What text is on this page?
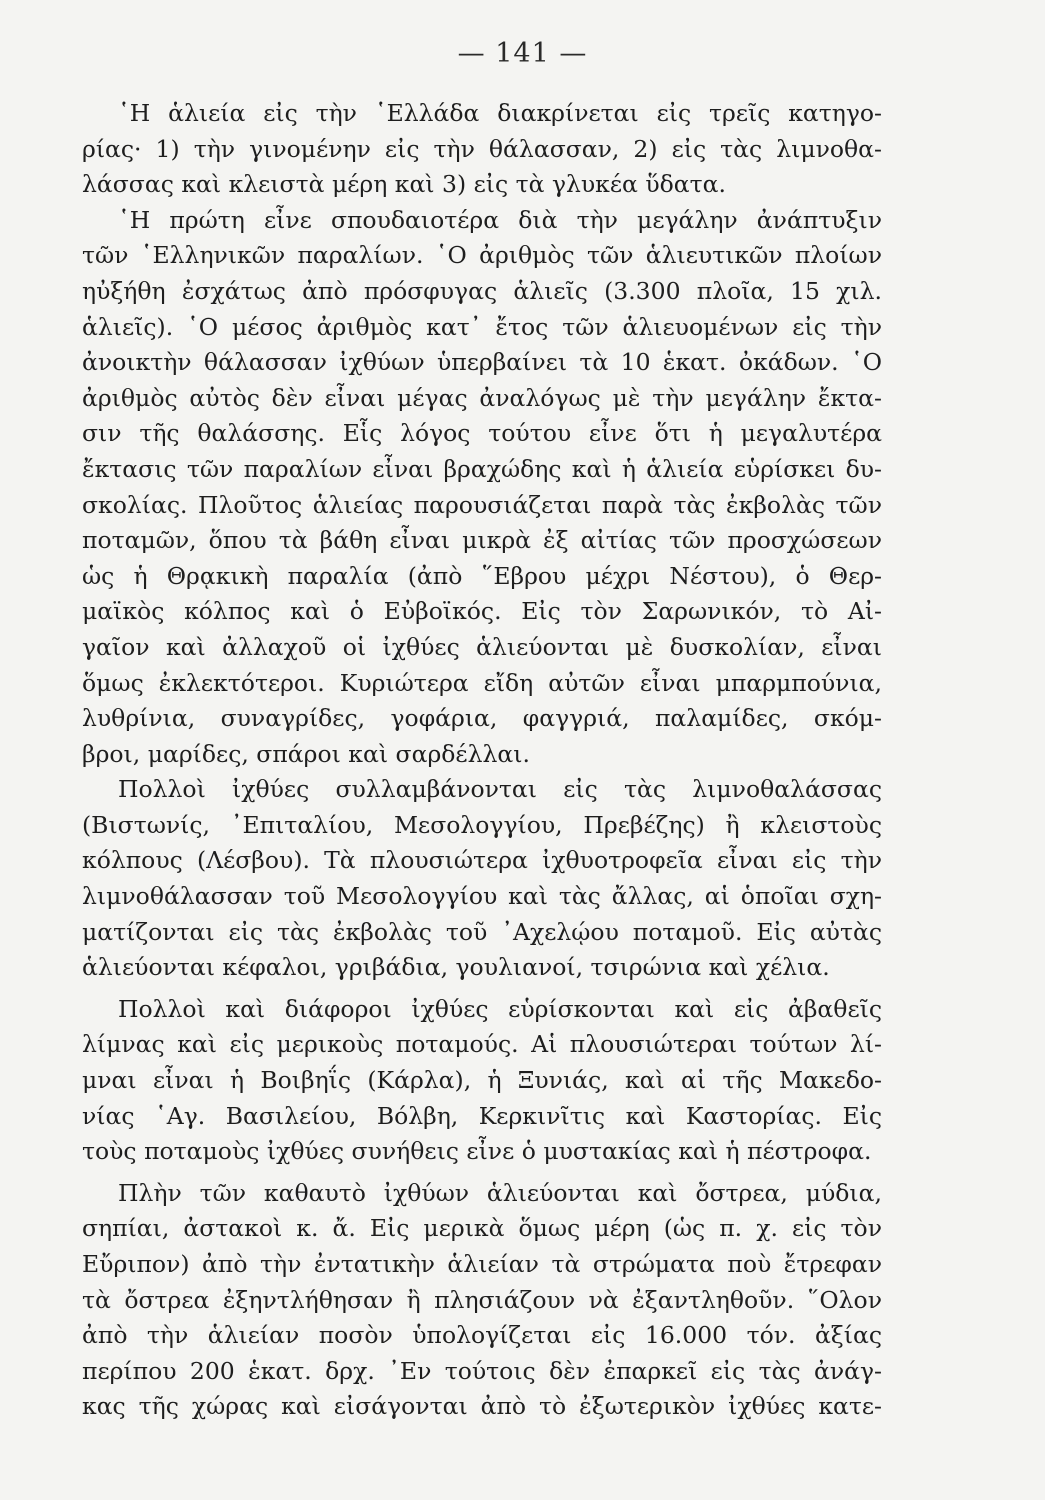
— 141 —
῾Η ἁλιεία εἰς τὴν ῾Ελλάδα διακρίνεται εἰς τρεῖς κατηγο-
ρίας· 1) τὴν γινομένην εἰς τὴν θάλασσαν, 2) εἰς τὰς λιμνοθα-
λάσσας καὶ κλειστὰ μέρη καὶ 3) εἰς τὰ γλυκέα ὕδατα.
῾Η πρώτη εἶνε σπουδαιοτέρα διὰ τὴν μεγάλην ἀνάπτυξιν
τῶν ῾Ελληνικῶν παραλίων. ῾Ο ἀριθμὸς τῶν ἁλιευτικῶν πλοίων
ηὐξήθη ἐσχάτως ἀπὸ πρόσφυγας ἁλιεῖς (3.300 πλοῖα, 15 χιλ.
ἁλιεῖς). ῾Ο μέσος ἀριθμὸς κατ᾿ ἔτος τῶν ἁλιευομένων εἰς τὴν
ἀνοικτὴν θάλασσαν ἰχθύων ὑπερβαίνει τὰ 10 ἑκατ. ὀκάδων. ῾Ο
ἀριθμὸς αὐτὸς δὲν εἶναι μέγας ἀναλόγως μὲ τὴν μεγάλην ἔκτα-
σιν τῆς θαλάσσης. Εἷς λόγος τούτου εἶνε ὅτι ἡ μεγαλυτέρα
ἔκτασις τῶν παραλίων εἶναι βραχώδης καὶ ἡ ἁλιεία εὑρίσκει δυ-
σκολίας. Πλοῦτος ἁλιείας παρουσιάζεται παρὰ τὰς ἐκβολὰς τῶν
ποταμῶν, ὅπου τὰ βάθη εἶναι μικρὰ ἐξ αἰτίας τῶν προσχώσεων
ὡς ἡ Θρᾳκικὴ παραλία (ἀπὸ ῞Εβρου μέχρι Νέστου), ὁ Θερ-
μαϊκὸς κόλπος καὶ ὁ Εὐβοϊκός. Εἰς τὸν Σαρωνικόν, τὸ Αἰ-
γαῖον καὶ ἀλλαχοῦ οἱ ἰχθύες ἁλιεύονται μὲ δυσκολίαν, εἶναι
ὅμως ἐκλεκτότεροι. Κυριώτερα εἴδη αὐτῶν εἶναι μπαρμπούνια,
λυθρίνια, συναγρίδες, γοφάρια, φαγγριά, παλαμίδες, σκόμ-
βροι, μαρίδες, σπάροι καὶ σαρδέλλαι.
Πολλοὶ ἰχθύες συλλαμβάνονται εἰς τὰς λιμνοθαλάσσας
(Βιστωνίς, ᾿Επιταλίου, Μεσολογγίου, Πρεβέζης) ἢ κλειστοὺς
κόλπους (Λέσβου). Τὰ πλουσιώτερα ἰχθυοτροφεῖα εἶναι εἰς τὴν
λιμνοθάλασσαν τοῦ Μεσολογγίου καὶ τὰς ἄλλας, αἱ ὁποῖαι σχη-
ματίζονται εἰς τὰς ἐκβολὰς τοῦ ᾿Αχελῴου ποταμοῦ. Εἰς αὐτὰς
ἁλιεύονται κέφαλοι, γριβάδια, γουλιανοί, τσιρώνια καὶ χέλια.
Πολλοὶ καὶ διάφοροι ἰχθύες εὑρίσκονται καὶ εἰς ἀβαθεῖς
λίμνας καὶ εἰς μερικοὺς ποταμούς. Αἱ πλουσιώτεραι τούτων λί-
μναι εἶναι ἡ Βοιβηΐς (Κάρλα), ἡ Ξυνιάς, καὶ αἱ τῆς Μακεδο-
νίας ῾Αγ. Βασιλείου, Βόλβη, Κερκινῖτις καὶ Καστορίας. Εἰς
τοὺς ποταμοὺς ἰχθύες συνήθεις εἶνε ὁ μυστακίας καὶ ἡ πέστροφα.
Πλὴν τῶν καθαυτὸ ἰχθύων ἁλιεύονται καὶ ὄστρεα, μύδια,
σηπίαι, ἀστακοὶ κ. ἄ. Εἰς μερικὰ ὅμως μέρη (ὡς π. χ. εἰς τὸν
Εὔριπον) ἀπὸ τὴν ἐντατικὴν ἁλιείαν τὰ στρώματα ποὺ ἔτρεφαν
τὰ ὄστρεα ἐξηντλήθησαν ἢ πλησιάζουν νὰ ἐξαντληθοῦν. ῞Ολον
ἀπὸ τὴν ἁλιείαν ποσὸν ὑπολογίζεται εἰς 16.000 τόν. ἀξίας
περίπου 200 ἑκατ. δρχ. ᾿Εν τούτοις δὲν ἐπαρκεῖ εἰς τὰς ἀνάγ-
κας τῆς χώρας καὶ εἰσάγονται ἀπὸ τὸ ἐξωτερικὸν ἰχθύες κατε-
